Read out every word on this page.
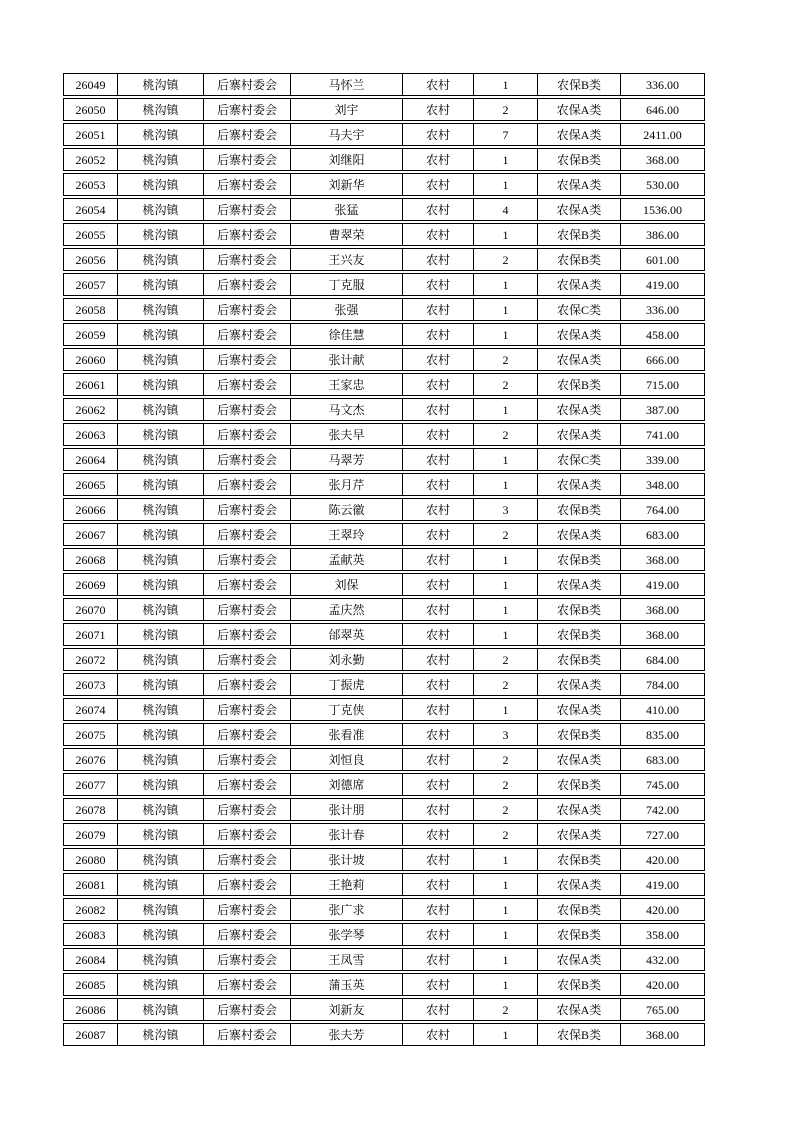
26049	桃沟镇	后寨村委会	马怀兰	农村	1	农保B类	336.00
26050	桃沟镇	后寨村委会	刘宇	农村	2	农保A类	646.00
26051	桃沟镇	后寨村委会	马夫宇	农村	7	农保A类	2411.00
26052	桃沟镇	后寨村委会	刘继阳	农村	1	农保B类	368.00
26053	桃沟镇	后寨村委会	刘新华	农村	1	农保A类	530.00
26054	桃沟镇	后寨村委会	张猛	农村	4	农保A类	1536.00
26055	桃沟镇	后寨村委会	曹翠荣	农村	1	农保B类	386.00
26056	桃沟镇	后寨村委会	王兴友	农村	2	农保B类	601.00
26057	桃沟镇	后寨村委会	丁克服	农村	1	农保A类	419.00
26058	桃沟镇	后寨村委会	张强	农村	1	农保C类	336.00
26059	桃沟镇	后寨村委会	徐佳慧	农村	1	农保A类	458.00
26060	桃沟镇	后寨村委会	张计献	农村	2	农保A类	666.00
26061	桃沟镇	后寨村委会	王家忠	农村	2	农保B类	715.00
26062	桃沟镇	后寨村委会	马文杰	农村	1	农保A类	387.00
26063	桃沟镇	后寨村委会	张夫早	农村	2	农保A类	741.00
26064	桃沟镇	后寨村委会	马翠芳	农村	1	农保C类	339.00
26065	桃沟镇	后寨村委会	张月芹	农村	1	农保A类	348.00
26066	桃沟镇	后寨村委会	陈云徽	农村	3	农保B类	764.00
26067	桃沟镇	后寨村委会	王翠玲	农村	2	农保A类	683.00
26068	桃沟镇	后寨村委会	孟献英	农村	1	农保B类	368.00
26069	桃沟镇	后寨村委会	刘保	农村	1	农保A类	419.00
26070	桃沟镇	后寨村委会	孟庆然	农村	1	农保B类	368.00
26071	桃沟镇	后寨村委会	邰翠英	农村	1	农保B类	368.00
26072	桃沟镇	后寨村委会	刘永勤	农村	2	农保B类	684.00
26073	桃沟镇	后寨村委会	丁振虎	农村	2	农保A类	784.00
26074	桃沟镇	后寨村委会	丁克侠	农村	1	农保A类	410.00
26075	桃沟镇	后寨村委会	张看准	农村	3	农保B类	835.00
26076	桃沟镇	后寨村委会	刘恒良	农村	2	农保A类	683.00
26077	桃沟镇	后寨村委会	刘德席	农村	2	农保B类	745.00
26078	桃沟镇	后寨村委会	张计朋	农村	2	农保A类	742.00
26079	桃沟镇	后寨村委会	张计春	农村	2	农保A类	727.00
26080	桃沟镇	后寨村委会	张计坡	农村	1	农保B类	420.00
26081	桃沟镇	后寨村委会	王艳莉	农村	1	农保A类	419.00
26082	桃沟镇	后寨村委会	张广求	农村	1	农保B类	420.00
26083	桃沟镇	后寨村委会	张学琴	农村	1	农保B类	358.00
26084	桃沟镇	后寨村委会	王凤雪	农村	1	农保A类	432.00
26085	桃沟镇	后寨村委会	蒲玉英	农村	1	农保B类	420.00
26086	桃沟镇	后寨村委会	刘新友	农村	2	农保A类	765.00
26087	桃沟镇	后寨村委会	张夫芳	农村	1	农保B类	368.00
